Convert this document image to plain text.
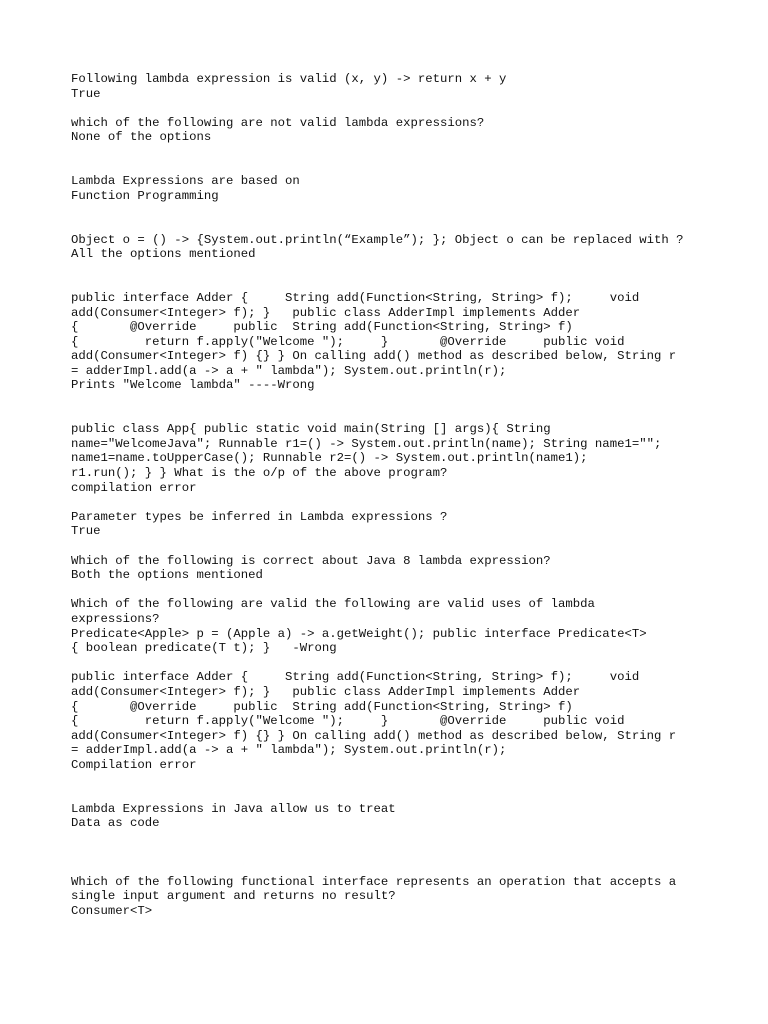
Following lambda expression is valid (x, y) -> return x + y
True
which of the following are not valid lambda expressions?
None of the options
Lambda Expressions are based on
Function Programming
Object o = () -> {System.out.println(“Example”); }; Object o can be replaced with ?
All the options mentioned
public interface Adder {     String add(Function<String, String> f);     void
add(Consumer<Integer> f); }   public class AdderImpl implements Adder
{       @Override     public  String add(Function<String, String> f)
{         return f.apply("Welcome ");     }       @Override     public void
add(Consumer<Integer> f) {} } On calling add() method as described below, String r
= adderImpl.add(a -> a + " lambda"); System.out.println(r);
Prints "Welcome lambda" ----Wrong
public class App{ public static void main(String [] args){ String
name="WelcomeJava"; Runnable r1=() -> System.out.println(name); String name1="";
name1=name.toUpperCase(); Runnable r2=() -> System.out.println(name1);
r1.run(); } } What is the o/p of the above program?
compilation error
Parameter types be inferred in Lambda expressions ?
True
Which of the following is correct about Java 8 lambda expression?
Both the options mentioned
Which of the following are valid the following are valid uses of lambda
expressions?
Predicate<Apple> p = (Apple a) -> a.getWeight(); public interface Predicate<T>
{ boolean predicate(T t); }   -Wrong
public interface Adder {     String add(Function<String, String> f);     void
add(Consumer<Integer> f); }   public class AdderImpl implements Adder
{       @Override     public  String add(Function<String, String> f)
{         return f.apply("Welcome ");     }       @Override     public void
add(Consumer<Integer> f) {} } On calling add() method as described below, String r
= adderImpl.add(a -> a + " lambda"); System.out.println(r);
Compilation error
Lambda Expressions in Java allow us to treat
Data as code
Which of the following functional interface represents an operation that accepts a
single input argument and returns no result?
Consumer<T>
